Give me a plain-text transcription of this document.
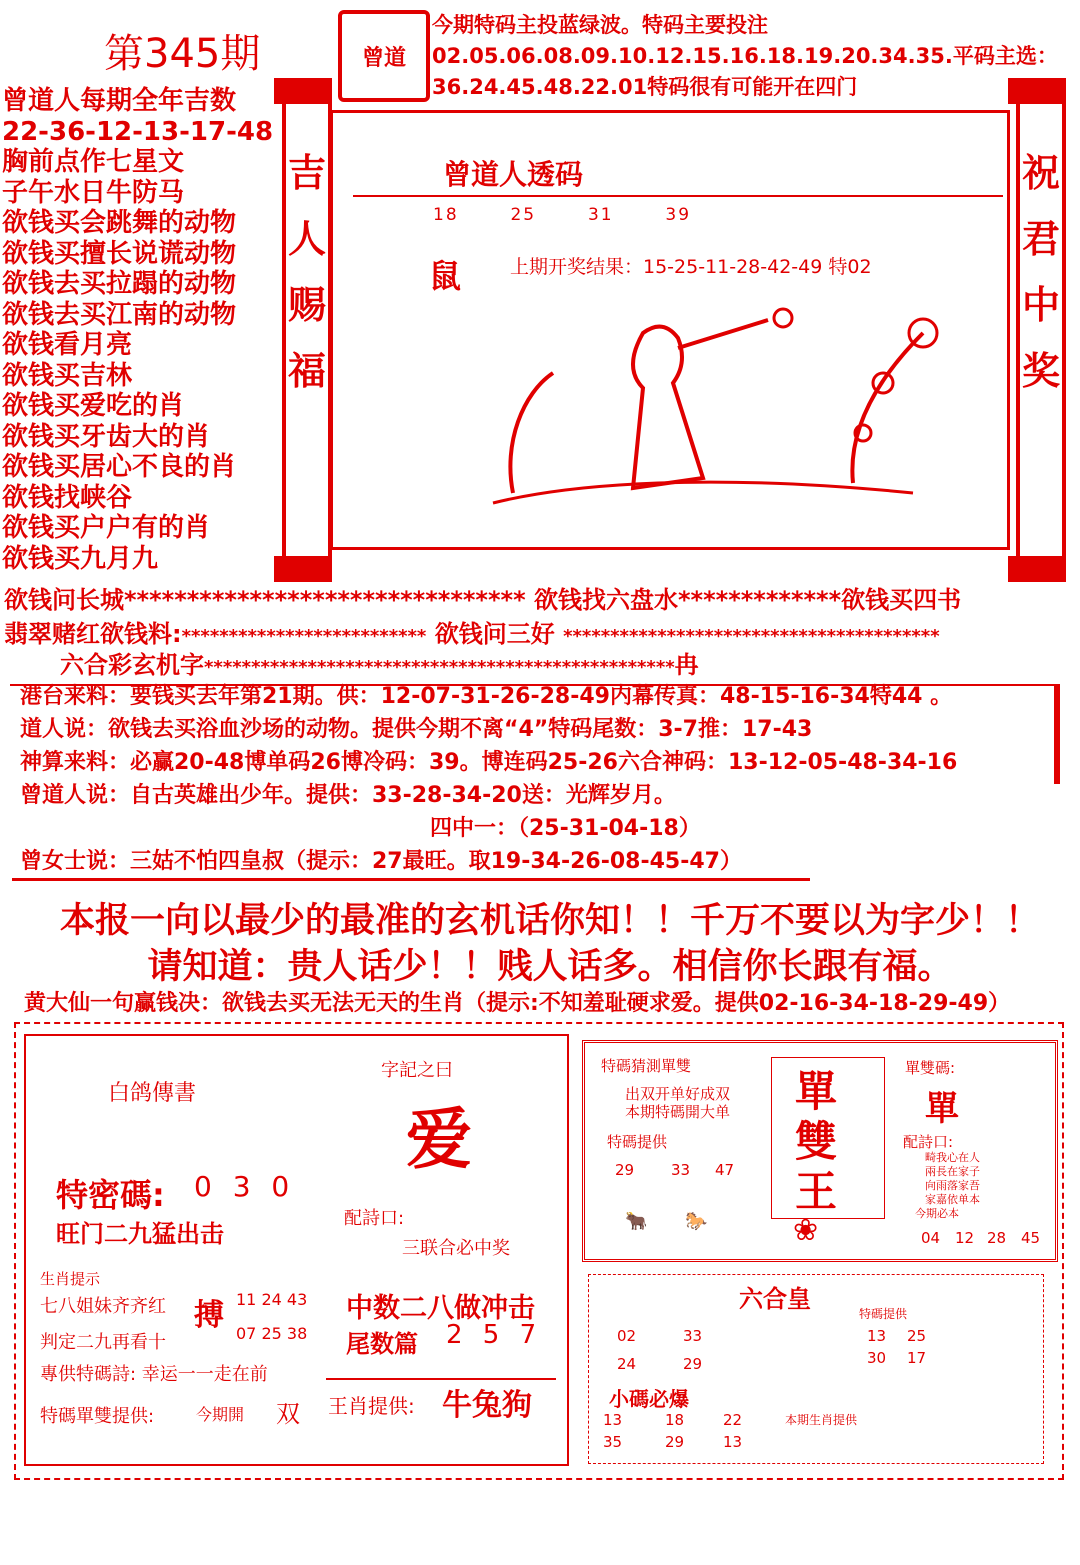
第345期	曾道
今期特码主投蓝绿波。特码主要投注02.05.06.08.09.10.12.15.16.18.19.20.34.35.平码主选：36.24.45.48.22.01特码很有可能开在四门
曾道人每期全年吉数
22-36-12-13-17-48
胸前点作七星文
子午水日牛防马
欲钱买会跳舞的动物
欲钱买擅长说谎动物
欲钱去买拉蹋的动物
欲钱去买江南的动物
欲钱看月亮
欲钱买吉林
欲钱买爱吃的肖
欲钱买牙齿大的肖
欲钱买居心不良的肖
欲钱找峡谷
欲钱买户户有的肖
欲钱买九月九
吉
人
赐
福
祝
君
中
奖
曾道人透码
18	25	31	39
鼠	上期开奖结果：15-25-11-28-42-49 特02
欲钱问长城******************************** 欲钱找六盘水*************欲钱买四书
翡翠赌红欲钱料:************************** 欲钱问三好 ****************************************
六合彩玄机字**************************************************冉
港台来料：要钱买去年第21期。供：12-07-31-26-28-49内幕传真：48-15-16-34特44 。
道人说：欲钱去买浴血沙场的动物。提供今期不离“4”特码尾数：3-7推：17-43
神算来料：必赢20-48博单码26博冷码：39。博连码25-26六合神码：13-12-05-48-34-16
曾道人说：自古英雄出少年。提供：33-28-34-20送：光辉岁月。
四中一：（25-31-04-18）
曾女士说：三姑不怕四皇叔（提示：27最旺。取19-34-26-08-45-47）
本报一向以最少的最准的玄机话你知！！千万不要以为字少！！
请知道：贵人话少！！贱人话多。相信你长跟有福。
黄大仙一句赢钱决：欲钱去买无法无天的生肖（提示:不知羞耻硬求爱。提供02-16-34-18-29-49）
白鸽傳書
字記之曰
爱
特密碼: 0 3 0
旺门二九猛出击
配詩口:
三联合必中奖
中数二八做冲击
尾数篇 2 5 7
王肖提供: 牛兔狗
生肖提示
七八姐妹齐齐红
判定二九再看十
專供特碼詩: 幸运一一走在前
搏 11 24 43
07 25 38
特碼單雙提供:	今期開 双
特碼猜測單雙
出双开单好成双
本期特碼開大单
特碼提供
29 33 47
單
雙
王
❀
單雙碼:
單
配詩口:
畸我心在人
兩長在家子
向雨落家吾
家嘉依单本
今期必本
🐂 🐎
04 12 28 45
六合皇
02	33
24	29
特碼提供
13 25
30 17
小碼必爆
13	18	22
35	29	13
本期生肖提供
